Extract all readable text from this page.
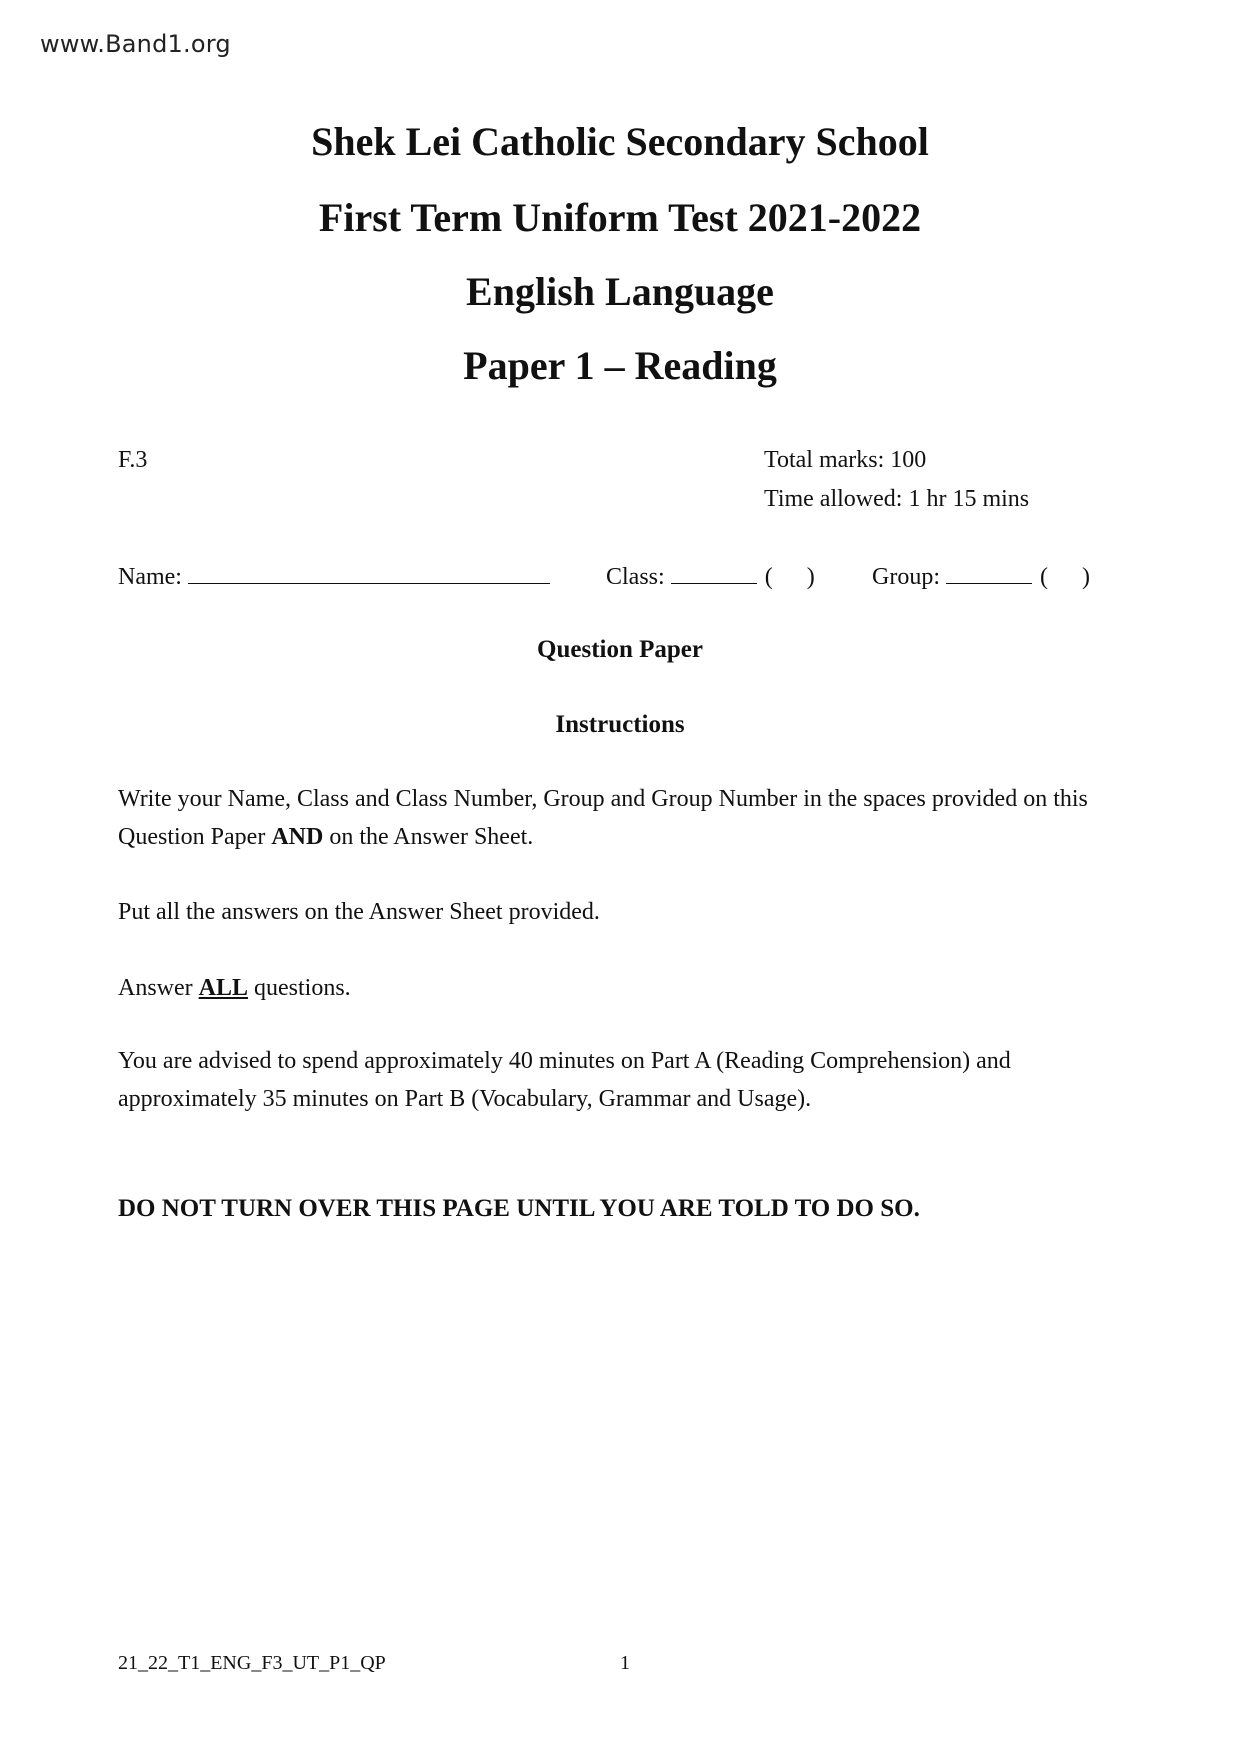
www.Band1.org
Shek Lei Catholic Secondary School
First Term Uniform Test 2021-2022
English Language
Paper 1 – Reading
F.3	Total marks: 100
Time allowed: 1 hr 15 mins
Name:	Class:	( ) Group:	( )
Question Paper
Instructions
Write your Name, Class and Class Number, Group and Group Number in the spaces provided on this Question Paper AND on the Answer Sheet.
Put all the answers on the Answer Sheet provided.
Answer ALL questions.
You are advised to spend approximately 40 minutes on Part A (Reading Comprehension) and approximately 35 minutes on Part B (Vocabulary, Grammar and Usage).
DO NOT TURN OVER THIS PAGE UNTIL YOU ARE TOLD TO DO SO.
21_22_T1_ENG_F3_UT_P1_QP	1
